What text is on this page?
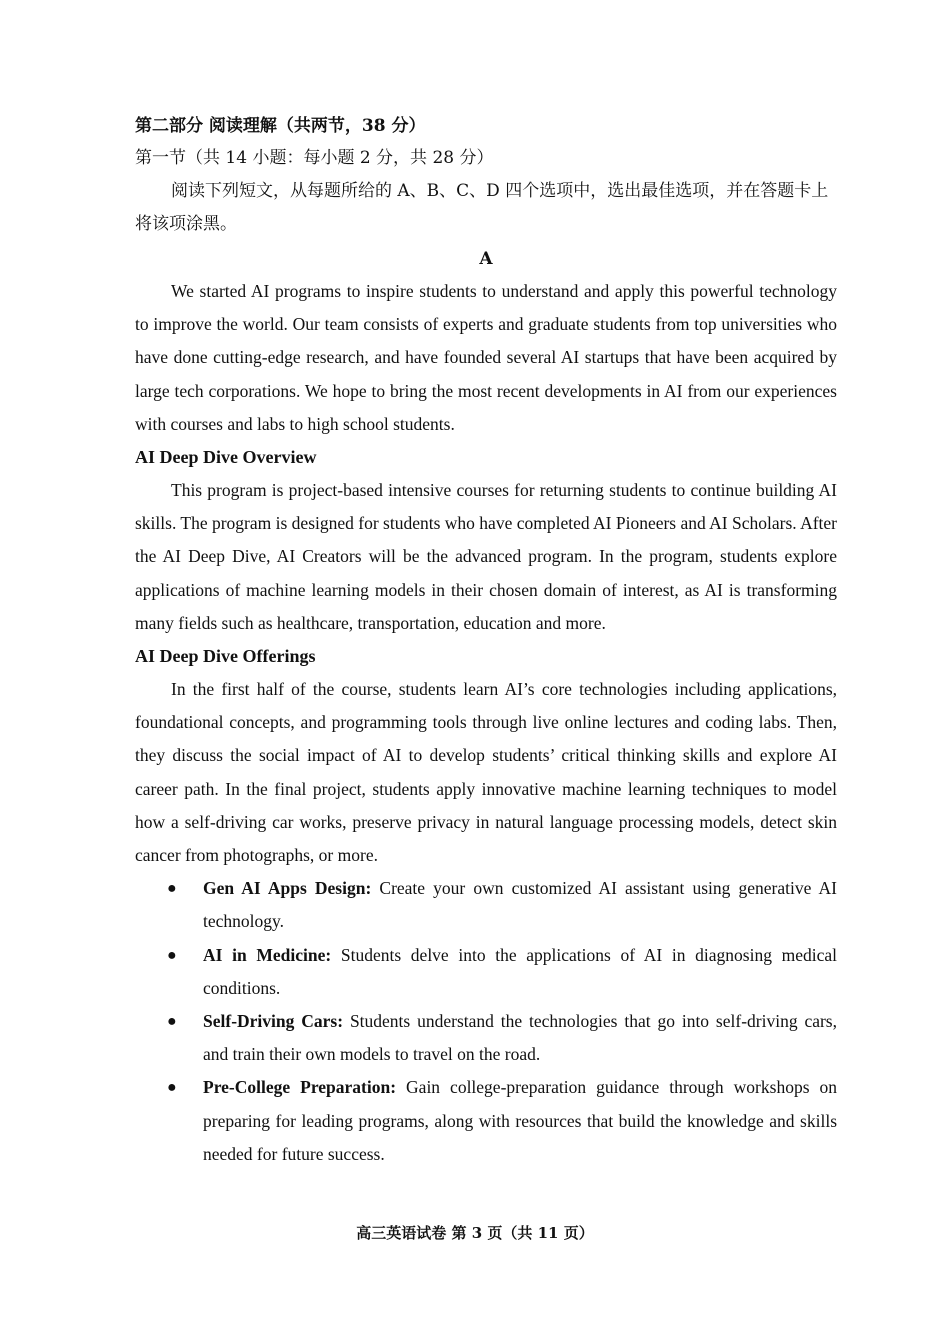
第二部分 阅读理解（共两节，38 分）
第一节（共 14 小题：每小题 2 分，共 28 分）
阅读下列短文，从每题所给的 A、B、C、D 四个选项中，选出最佳选项，并在答题卡上将该项涂黑。
A

We started AI programs to inspire students to understand and apply this powerful technology to improve the world. Our team consists of experts and graduate students from top universities who have done cutting-edge research, and have founded several AI startups that have been acquired by large tech corporations. We hope to bring the most recent developments in AI from our experiences with courses and labs to high school students.

AI Deep Dive Overview

This program is project-based intensive courses for returning students to continue building AI skills. The program is designed for students who have completed AI Pioneers and AI Scholars. After the AI Deep Dive, AI Creators will be the advanced program. In the program, students explore applications of machine learning models in their chosen domain of interest, as AI is transforming many fields such as healthcare, transportation, education and more.

AI Deep Dive Offerings

In the first half of the course, students learn AI’s core technologies including applications, foundational concepts, and programming tools through live online lectures and coding labs. Then, they discuss the social impact of AI to develop students’ critical thinking skills and explore AI career path. In the final project, students apply innovative machine learning techniques to model how a self-driving car works, preserve privacy in natural language processing models, detect skin cancer from photographs, or more.

● Gen AI Apps Design: Create your own customized AI assistant using generative AI technology.
● AI in Medicine: Students delve into the applications of AI in diagnosing medical conditions.
● Self-Driving Cars: Students understand the technologies that go into self-driving cars, and train their own models to travel on the road.
● Pre-College Preparation: Gain college-preparation guidance through workshops on preparing for leading programs, along with resources that build the knowledge and skills needed for future success.
高三英语试卷 第 3 页（共 11 页）
